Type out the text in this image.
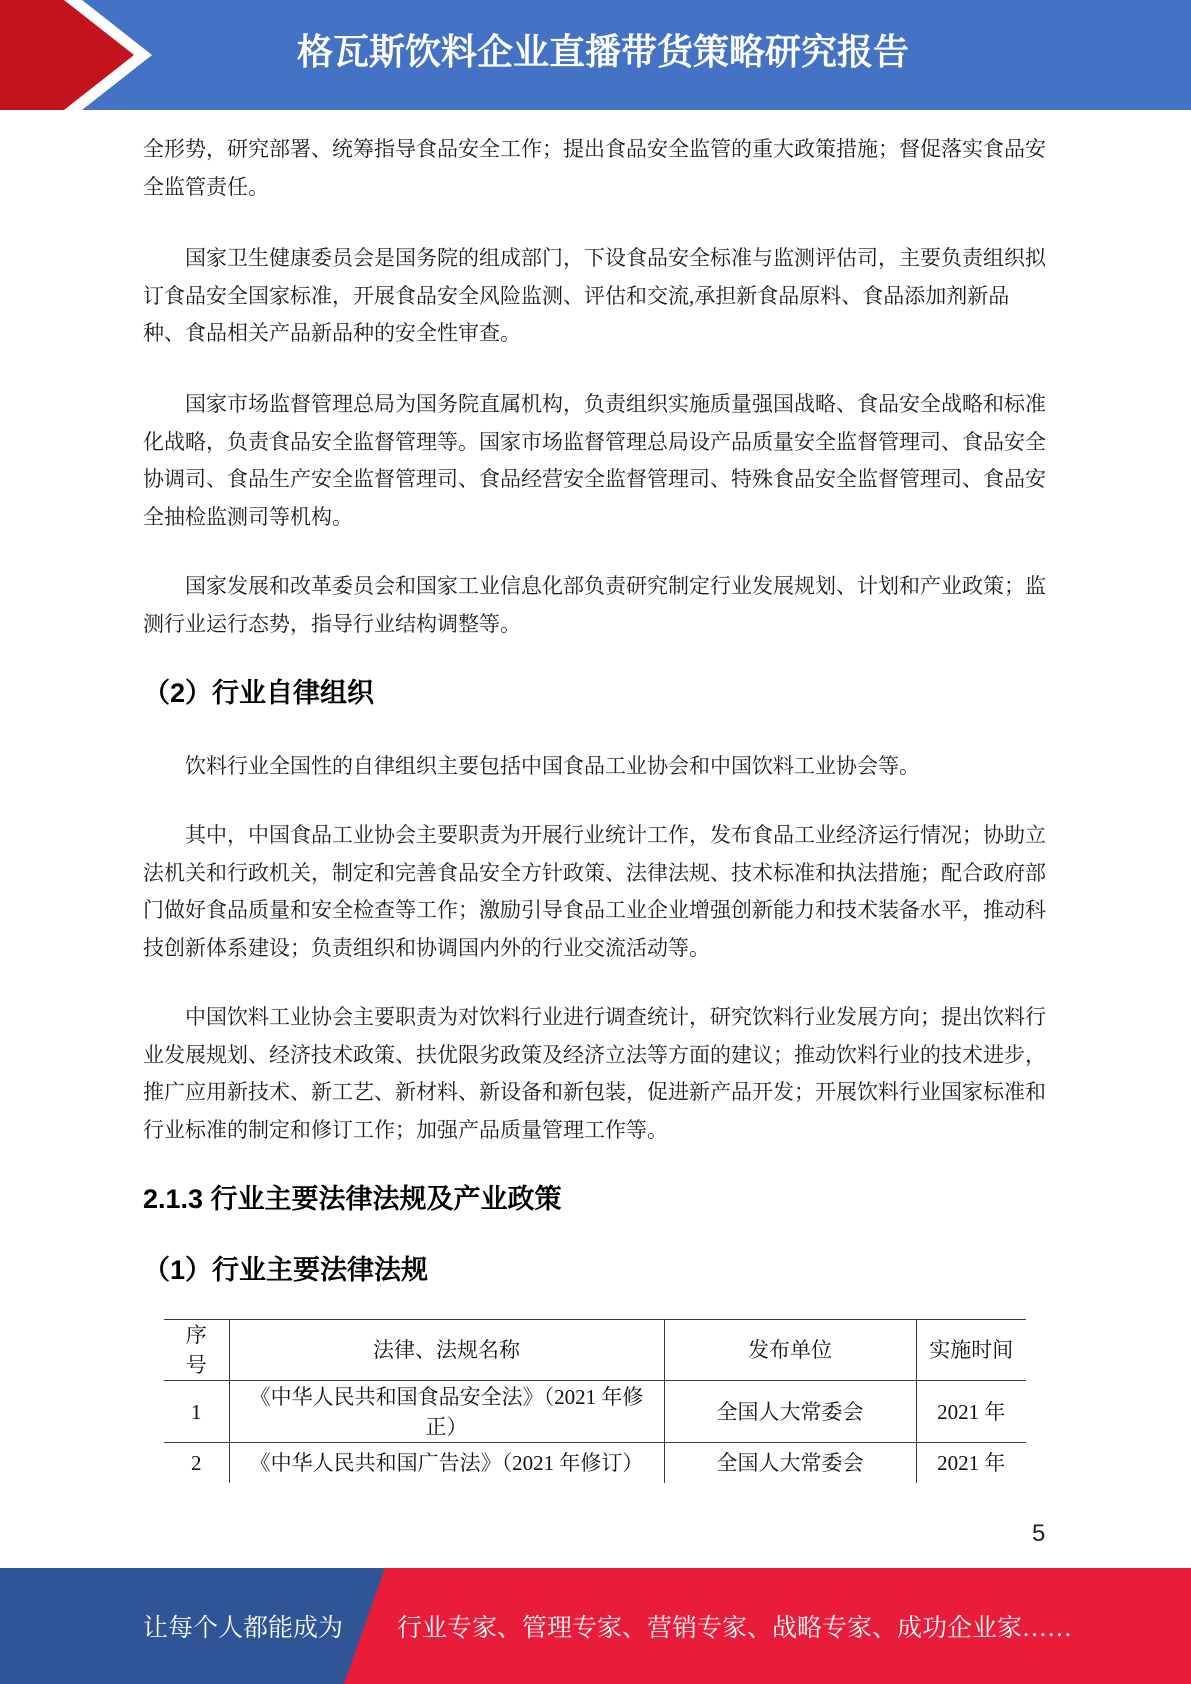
格瓦斯饮料企业直播带货策略研究报告

全形势，研究部署、统筹指导食品安全工作；提出食品安全监管的重大政策措施；督促落实食品安全监管责任。

国家卫生健康委员会是国务院的组成部门，下设食品安全标准与监测评估司，主要负责组织拟订食品安全国家标准，开展食品安全风险监测、评估和交流,承担新食品原料、食品添加剂新品种、食品相关产品新品种的安全性审查。

国家市场监督管理总局为国务院直属机构，负责组织实施质量强国战略、食品安全战略和标准化战略，负责食品安全监督管理等。国家市场监督管理总局设产品质量安全监督管理司、食品安全协调司、食品生产安全监督管理司、食品经营安全监督管理司、特殊食品安全监督管理司、食品安全抽检监测司等机构。

国家发展和改革委员会和国家工业信息化部负责研究制定行业发展规划、计划和产业政策；监测行业运行态势，指导行业结构调整等。

（2）行业自律组织

饮料行业全国性的自律组织主要包括中国食品工业协会和中国饮料工业协会等。

其中，中国食品工业协会主要职责为开展行业统计工作，发布食品工业经济运行情况；协助立法机关和行政机关，制定和完善食品安全方针政策、法律法规、技术标准和执法措施；配合政府部门做好食品质量和安全检查等工作；激励引导食品工业企业增强创新能力和技术装备水平，推动科技创新体系建设；负责组织和协调国内外的行业交流活动等。

中国饮料工业协会主要职责为对饮料行业进行调查统计，研究饮料行业发展方向；提出饮料行业发展规划、经济技术政策、扶优限劣政策及经济立法等方面的建议；推动饮料行业的技术进步，推广应用新技术、新工艺、新材料、新设备和新包装，促进新产品开发；开展饮料行业国家标准和行业标准的制定和修订工作；加强产品质量管理工作等。

2.1.3 行业主要法律法规及产业政策
（1）行业主要法律法规
序号	法律、法规名称	发布单位	实施时间
1	《中华人民共和国食品安全法》（2021 年修正）	全国人大常委会	2021 年
2	《中华人民共和国广告法》（2021 年修订）	全国人大常委会	2021 年
5
让每个人都能成为 行业专家、管理专家、营销专家、战略专家、成功企业家……
